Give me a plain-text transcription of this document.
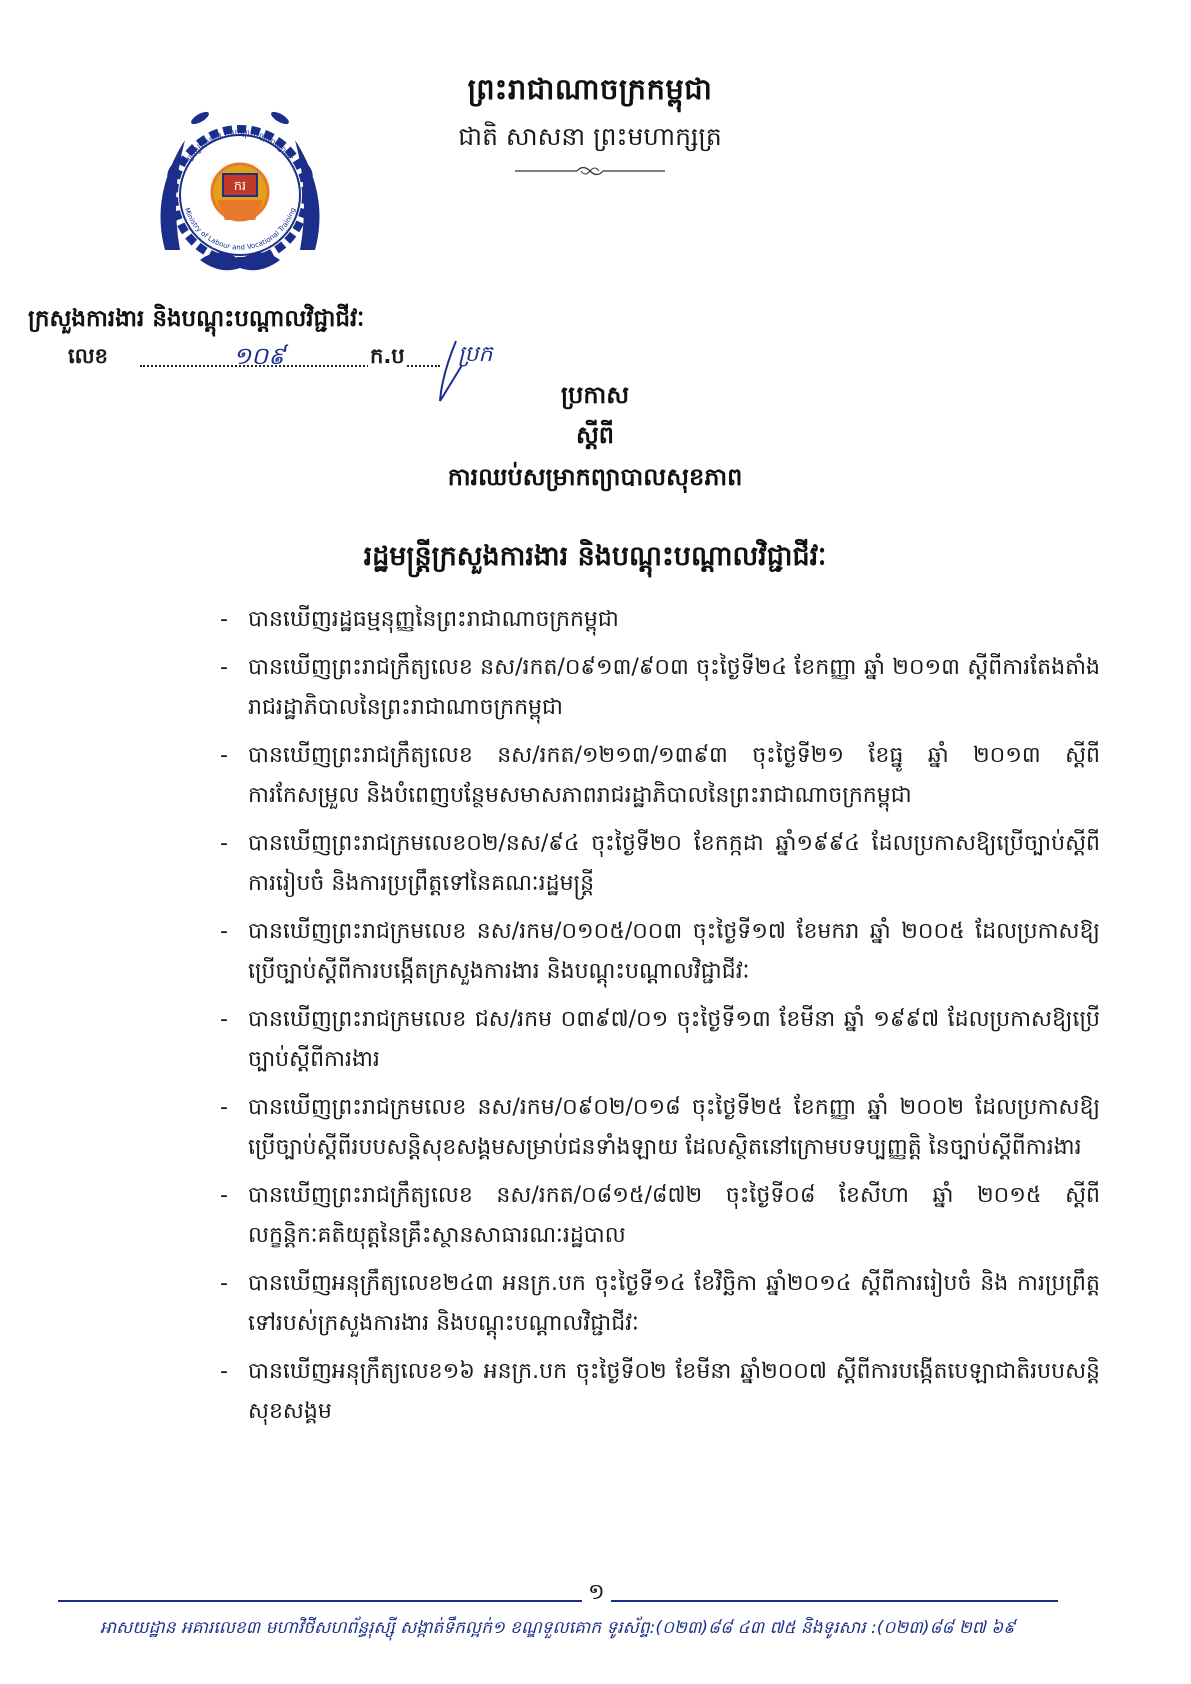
ព្រះរាជាណាចក្រកម្ពុជា
ជាតិ សាសនា ព្រះមហាក្សត្រ
ក្រសួងការងារ និងបណ្តុះបណ្តាលវិជ្ជាជីវៈ
Ministry of Labour and Vocational Training
ករ
ក្រសួងការងារ និងបណ្តុះបណ្តាលវិជ្ជាជីវៈ
លេខ	១០៩	ក.ប ប្រក
ប្រកាស
ស្តីពី
ការឈប់សម្រាកព្យាបាលសុខភាព
រដ្ឋមន្ត្រីក្រសួងការងារ និងបណ្តុះបណ្តាលវិជ្ជាជីវៈ
- បានឃើញរដ្ឋធម្មនុញ្ញនៃព្រះរាជាណាចក្រកម្ពុជា
- បានឃើញព្រះរាជក្រឹត្យលេខ នស/រកត/០៩១៣/៩០៣ ចុះថ្ងៃទី២៤ ខែកញ្ញា ឆ្នាំ ២០១៣ ស្តីពីការតែងតាំងរាជរដ្ឋាភិបាលនៃព្រះរាជាណាចក្រកម្ពុជា
- បានឃើញព្រះរាជក្រឹត្យលេខ នស/រកត/១២១៣/១៣៩៣ ចុះថ្ងៃទី២១ ខែធ្នូ ឆ្នាំ ២០១៣ ស្តីពីការកែសម្រួល និងបំពេញបន្ថែមសមាសភាពរាជរដ្ឋាភិបាលនៃព្រះរាជាណាចក្រកម្ពុជា
- បានឃើញព្រះរាជក្រមលេខ០២/នស/៩៤ ចុះថ្ងៃទី២០ ខែកក្កដា ឆ្នាំ១៩៩៤ ដែលប្រកាសឱ្យប្រើច្បាប់ស្តីពីការរៀបចំ និងការប្រព្រឹត្តទៅនៃគណៈរដ្ឋមន្ត្រី
- បានឃើញព្រះរាជក្រមលេខ នស/រកម/០១០៥/០០៣ ចុះថ្ងៃទី១៧ ខែមករា ឆ្នាំ ២០០៥ ដែលប្រកាសឱ្យប្រើច្បាប់ស្តីពីការបង្កើតក្រសួងការងារ និងបណ្តុះបណ្តាលវិជ្ជាជីវៈ
- បានឃើញព្រះរាជក្រមលេខ ជស/រកម ០៣៩៧/០១ ចុះថ្ងៃទី១៣ ខែមីនា ឆ្នាំ ១៩៩៧ ដែលប្រកាសឱ្យប្រើច្បាប់ស្តីពីការងារ
- បានឃើញព្រះរាជក្រមលេខ នស/រកម/០៩០២/០១៨ ចុះថ្ងៃទី២៥ ខែកញ្ញា ឆ្នាំ ២០០២ ដែលប្រកាសឱ្យប្រើច្បាប់ស្តីពីរបបសន្តិសុខសង្គមសម្រាប់ជនទាំងឡាយ ដែលស្ថិតនៅក្រោមបទប្បញ្ញត្តិ នៃច្បាប់ស្តីពីការងារ
- បានឃើញព្រះរាជក្រឹត្យលេខ នស/រកត/០៨១៥/៨៧២ ចុះថ្ងៃទី០៨ ខែសីហា ឆ្នាំ ២០១៥ ស្តីពីលក្ខន្តិកៈគតិយុត្តនៃគ្រឹះស្ថានសាធារណៈរដ្ឋបាល
- បានឃើញអនុក្រឹត្យលេខ២៤៣ អនក្រ.បក ចុះថ្ងៃទី១៤ ខែវិច្ឆិកា ឆ្នាំ២០១៤ ស្តីពីការរៀបចំ និង ការប្រព្រឹត្តទៅរបស់ក្រសួងការងារ និងបណ្តុះបណ្តាលវិជ្ជាជីវៈ
- បានឃើញអនុក្រឹត្យលេខ១៦ អនក្រ.បក ចុះថ្ងៃទី០២ ខែមីនា ឆ្នាំ២០០៧ ស្តីពីការបង្កើតបេឡាជាតិរបបសន្តិសុខសង្គម
១
អាសយដ្ឋាន អគារលេខ៣ មហាវិថីសហព័ន្ធរុស្ស៊ី សង្កាត់ទឹកល្អក់១ ខណ្ឌទួលគោក ទូរស័ព្ទ:(០២៣)៨៨ ៤៣ ៧៥ និងទូរសារ :(០២៣)៨៨ ២៧ ៦៩
